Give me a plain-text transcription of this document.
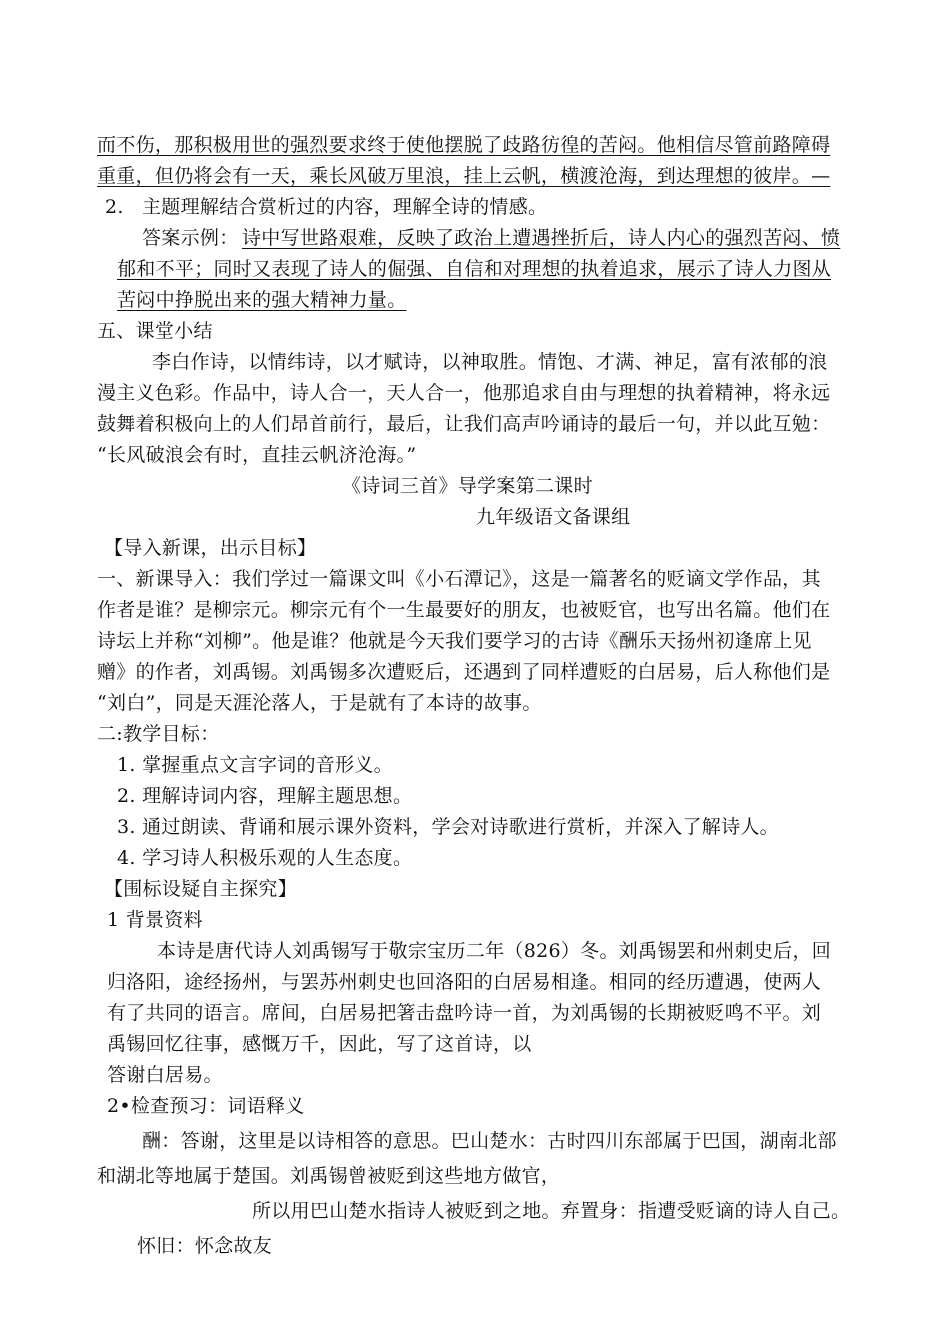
而不伤，那积极用世的强烈要求终于使他摆脱了歧路彷徨的苦闷。他相信尽管前路障碍
重重，但仍将会有一天，乘长风破万里浪，挂上云帆，横渡沧海，到达理想的彼岸。—
2. 主题理解结合赏析过的内容，理解全诗的情感。
答案示例： 诗中写世路艰难，反映了政治上遭遇挫折后，诗人内心的强烈苦闷、愤
郁和不平；同时又表现了诗人的倔强、自信和对理想的执着追求，展示了诗人力图从
苦闷中挣脱出来的强大精神力量。
五、课堂小结
李白作诗，以情纬诗，以才赋诗，以神取胜。情饱、才满、神足，富有浓郁的浪
漫主义色彩。作品中，诗人合一，天人合一，他那追求自由与理想的执着精神，将永远
鼓舞着积极向上的人们昂首前行，最后，让我们高声吟诵诗的最后一句，并以此互勉：
“长风破浪会有时，直挂云帆济沧海。”
《诗词三首》导学案第二课时
九年级语文备课组
【导入新课，出示目标】
一、新课导入：我们学过一篇课文叫《小石潭记》，这是一篇著名的贬谪文学作品，其
作者是谁？是柳宗元。柳宗元有个一生最要好的朋友，也被贬官，也写出名篇。他们在
诗坛上并称“刘柳”。他是谁？他就是今天我们要学习的古诗《酬乐天扬州初逢席上见
赠》的作者，刘禹锡。刘禹锡多次遭贬后，还遇到了同样遭贬的白居易，后人称他们是
“刘白”，同是天涯沦落人，于是就有了本诗的故事。
二:教学目标：
1. 掌握重点文言字词的音形义。
2. 理解诗词内容，理解主题思想。
3. 通过朗读、背诵和展示课外资料，学会对诗歌进行赏析，并深入了解诗人。
4. 学习诗人积极乐观的人生态度。
【围标设疑自主探究】
1 背景资料
本诗是唐代诗人刘禹锡写于敬宗宝历二年（826）冬。刘禹锡罢和州刺史后，回
归洛阳，途经扬州，与罢苏州刺史也回洛阳的白居易相逢。相同的经历遭遇，使两人
有了共同的语言。席间，白居易把箸击盘吟诗一首，为刘禹锡的长期被贬鸣不平。刘
禹锡回忆往事，感慨万千，因此，写了这首诗，以
答谢白居易。
2•检查预习：词语释义
酬：答谢，这里是以诗相答的意思。巴山楚水：古时四川东部属于巴国，湖南北部
和湖北等地属于楚国。刘禹锡曾被贬到这些地方做官，
所以用巴山楚水指诗人被贬到之地。弃置身：指遭受贬谪的诗人自己。
怀旧：怀念故友
